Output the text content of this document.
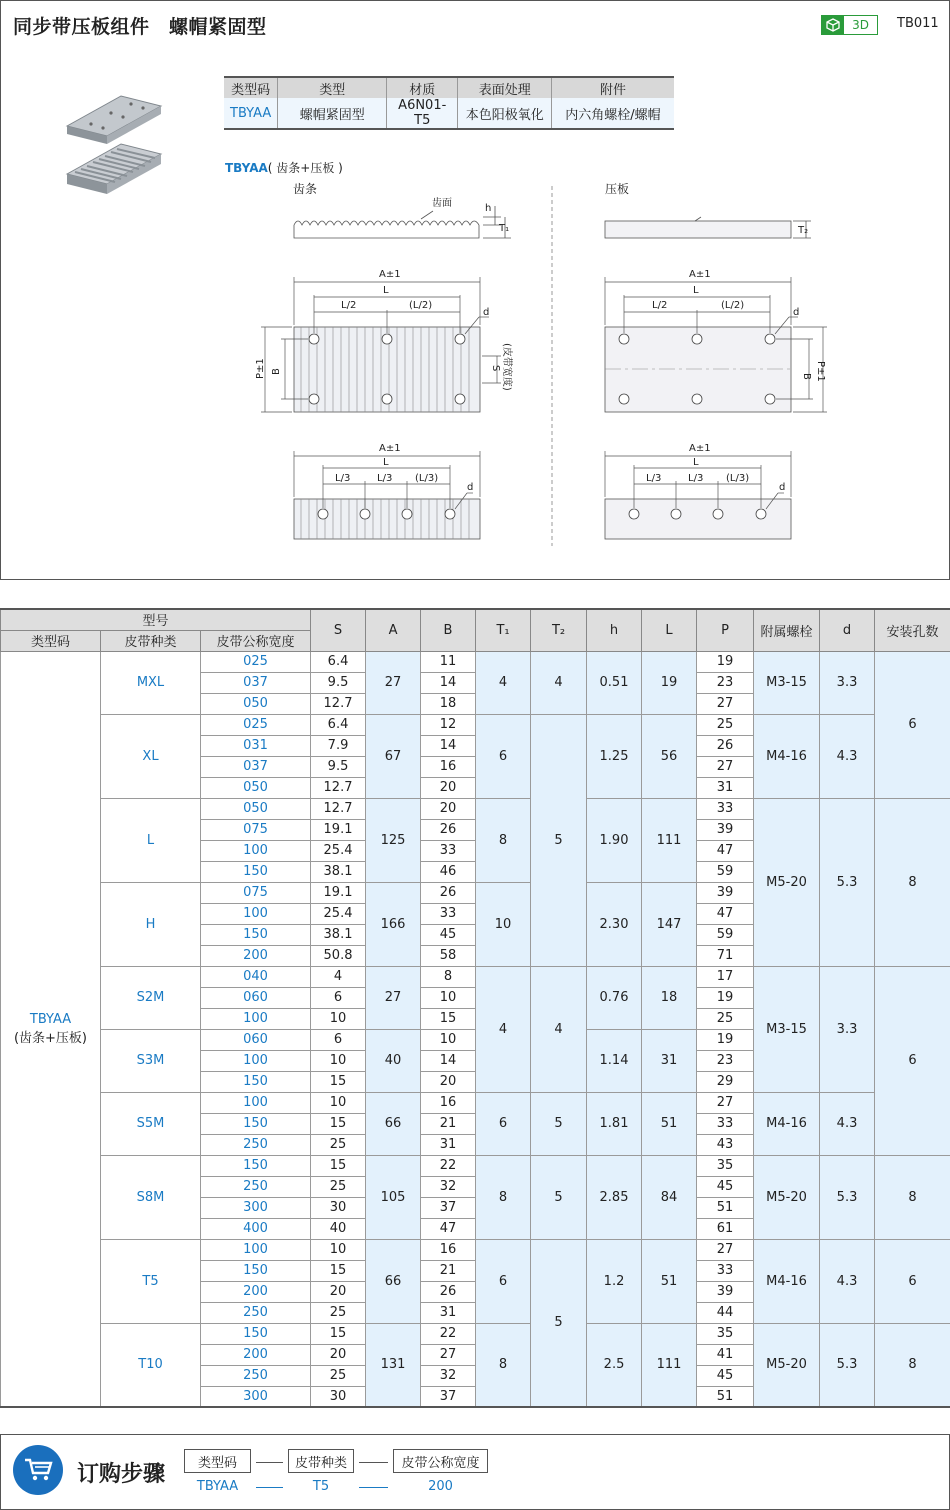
同步带压板组件　螺帽紧固型	3D	TB011
类型码	类型	材质	表面处理	附件
TBYAA	螺帽紧固型	A6N01-T5	本色阳极氧化	内六角螺栓/螺帽
TBYAA( 齿条+压板 )
齿条	压板
齿面	h
T₁	T₂
A±1
L
L/2	(L/2)
d
P±1 B	S (皮带宽度)
A±1
L
L/2	(L/2)
d
B P±1
A±1
L
L/3	L/3 (L/3)
d
A±1
L
L/3	L/3 (L/3)
d
型号			S	A	B	T₁	T₂	h	L	P	附属螺栓	d	安装孔数
类型码	皮带种类	皮带公称宽度											

TBYAA
(齿条+压板)	MXL	025	6.4	27	11	4	4	0.51	19	19	M3-15	3.3	6
		037	9.5		14					23			
		050	12.7		18					27			
	XL	025	6.4	67	12	6	5	1.25	56	25	M4-16	4.3	
		031	7.9		14					26			
		037	9.5		16					27			
		050	12.7		20					31			
	L	050	12.7	125	20	8		1.90	111	33	M5-20	5.3	8
		075	19.1		26					39			
		100	25.4		33					47			
		150	38.1		46					59			
	H	075	19.1	166	26	10		2.30	147	39			
		100	25.4		33					47			
		150	38.1		45					59			
		200	50.8		58					71			
	S2M	040	4	27	8	4	4	0.76	18	17	M3-15	3.3	6
		060	6		10					19			
		100	10		15					25			
	S3M	060	6	40	10			1.14	31	19			
		100	10		14					23			
		150	15		20					29			
	S5M	100	10	66	16	6	5	1.81	51	27	M4-16	4.3	
		150	15		21					33			
		250	25		31					43			
	S8M	150	15	105	22	8	5	2.85	84	35	M5-20	5.3	8
		250	25		32					45			
		300	30		37					51			
		400	40		47					61			
	T5	100	10	66	16	6	5	1.2	51	27	M4-16	4.3	6
		150	15		21					33			
		200	20		26					39			
		250	25		31					44			
	T10	150	15	131	22	8		2.5	111	35	M5-20	5.3	8
		200	20		27					41			
		250	25		32					45			
		300	30		37					51			
订购步骤	类型码	皮带种类	皮带公称宽度
TBYAA	T5	200
